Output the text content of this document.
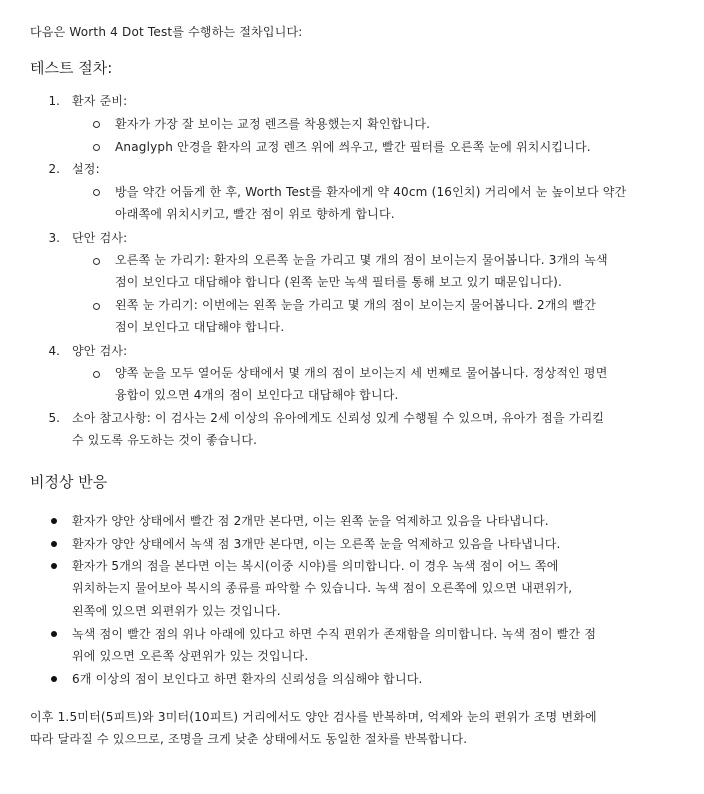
다음은 Worth 4 Dot Test를 수행하는 절차입니다:
테스트 절차:
1. 환자 준비:
환자가 가장 잘 보이는 교정 렌즈를 착용했는지 확인합니다.
Anaglyph 안경을 환자의 교정 렌즈 위에 씌우고, 빨간 필터를 오른쪽 눈에 위치시킵니다.
2. 설정:
방을 약간 어둡게 한 후, Worth Test를 환자에게 약 40cm (16인치) 거리에서 눈 높이보다 약간
아래쪽에 위치시키고, 빨간 점이 위로 향하게 합니다.
3. 단안 검사:
오른쪽 눈 가리기: 환자의 오른쪽 눈을 가리고 몇 개의 점이 보이는지 물어봅니다. 3개의 녹색
점이 보인다고 대답해야 합니다 (왼쪽 눈만 녹색 필터를 통해 보고 있기 때문입니다).
왼쪽 눈 가리기: 이번에는 왼쪽 눈을 가리고 몇 개의 점이 보이는지 물어봅니다. 2개의 빨간
점이 보인다고 대답해야 합니다.
4. 양안 검사:
양쪽 눈을 모두 열어둔 상태에서 몇 개의 점이 보이는지 세 번째로 물어봅니다. 정상적인 평면
융합이 있으면 4개의 점이 보인다고 대답해야 합니다.
5. 소아 참고사항: 이 검사는 2세 이상의 유아에게도 신뢰성 있게 수행될 수 있으며, 유아가 점을 가리킬
수 있도록 유도하는 것이 좋습니다.
비정상 반응
환자가 양안 상태에서 빨간 점 2개만 본다면, 이는 왼쪽 눈을 억제하고 있음을 나타냅니다.
환자가 양안 상태에서 녹색 점 3개만 본다면, 이는 오른쪽 눈을 억제하고 있음을 나타냅니다.
환자가 5개의 점을 본다면 이는 복시(이중 시야)를 의미합니다. 이 경우 녹색 점이 어느 쪽에
위치하는지 물어보아 복시의 종류를 파악할 수 있습니다. 녹색 점이 오른쪽에 있으면 내편위가,
왼쪽에 있으면 외편위가 있는 것입니다.
녹색 점이 빨간 점의 위나 아래에 있다고 하면 수직 편위가 존재함을 의미합니다. 녹색 점이 빨간 점
위에 있으면 오른쪽 상편위가 있는 것입니다.
6개 이상의 점이 보인다고 하면 환자의 신뢰성을 의심해야 합니다.
이후 1.5미터(5피트)와 3미터(10피트) 거리에서도 양안 검사를 반복하며, 억제와 눈의 편위가 조명 변화에
따라 달라질 수 있으므로, 조명을 크게 낮춘 상태에서도 동일한 절차를 반복합니다.
